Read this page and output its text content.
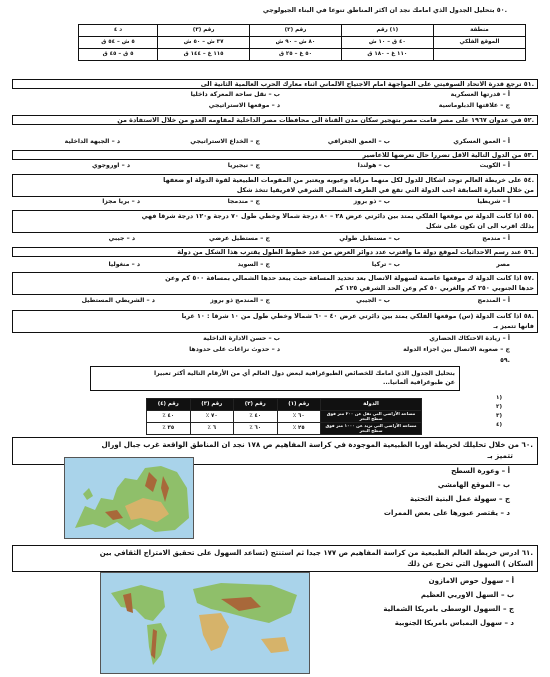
.٥٠ بتحليل الجدول الذي امامك نجد ان اكثر المناطق تنوعا في البناء الجيولوجي
منطقة	(١) رقم	رقم (٢)	رقم (٣)	د ٤
الموقع الفلكي	٤٠ ق – ١٠ ش	٨٠ ش – ٩٠ ش	٣٧ ش – ٥٠ ش	٥ ش – ٥٤ ق
	١١٠ غ – ١٨٠ ق	٥٠ غ – ٢٥ ق	١١٥ غ – ١٤٤ ق	٥ ق – ٤٥ ق
.٥١ ترجع قدرة الاتحاد السوفيتي على المواجهة امام الاجتياح الالماني اثناء معارك الحرب العالمية الثانية الى
أ – قدرتها العسكرية
ب – نقل ساحة المعركة داخليا
ج – علاقتها الدبلوماسية
د – موقعها الاستراتيجي
.٥٢ في عدوان ١٩٦٧ على مصر قامت مصر بتهجير سكان مدن القناة الى محافظات مصر الداخلية لمقاومه العدو من خلال الاستفادة من
أ – العمق العسكري
ب – العمق الجغرافي
ج – الخداع الاستراتيجي
د – الجبهة الداخلية
.٥٣ من الدول التالية الاقل تضررا حال تعرضها للاعاصير
أ – الكويت
ب – هولندا
ج – نيجيريا
د – اوروجوي
.٥٤ على خريطة العالم توجد اشكال للدول لكل منهما مزاياه وعيوبه ويعتبر من المقومات الطبيعية لقوة الدولة او ضعفها
من خلال العبارة السابقة اجب الدولة التي تقع في الطرف الشمالي الشرقي لافريقيا تتخذ شكل
أ – شريطيا
ب – ذو بروز
ج – مندمجا
د – بريا مجزا
.٥٥ اذا كانت الدولة س موقعها الفلكي يمتد بين دائرتي عرض ٢٨ – ٨٠ درجة شمالا وخطي طول ٧٠ درجة و١٢٠ درجة شرقا فهي
بذلك اقرب الى ان تكون على شكل
أ – مندمج
ب – مستطيل طولي
ج – مستطيل عرضي
د – جيبي
.٥٦ عند رسم الاحداثيات لموقع دولة ما واقترب عدد دوائر العرض من عدد خطوط الطول يقترب هذا الشكل من دولة
مصر
ب – تركيا
ج – السويد
د – منغوليا
.٥٧ اذا كانت الدولة ك موقعها عاصمة لسهولة الاتصال بعد تحديد المسافة حيث يبعد حدها الشمالي بمسافة ٥٠٠ كم وعن
حدها الجنوبي ٢٥٠ كم والغربي ٥٠ كم وعن الحد الشرقي ١٢٥ كم
أ – المندمج
ب – الجيبي
ج – المندمج ذو بروز
د – الشريطي المستطيل
.٥٨ اذا كانت الدولة (س) موقعها الفلكي يمتد بين دائرتي عرض ٤٠ – ٦٠ شمالا وخطي طول من ١٠ شرقا : ١٠ غربا
فانها تتميز بـ
أ – زيادة الاحتكاك الحضاري
ب – حسن الادارة الداخلية
ج – صعوبة الاتصال بين اجزاء الدولة
د – حدوث نزاعات على حدودها
.٥٩
بتحليل الجدول الذي امامك للخصائص الطبوغرافية لبعض دول العالم أي من الأرقام التالية أكثر تعبيرا
عن طبوغرافية ألمانيا...
الدولة	رقم (١)	رقم (٢)	رقم (٣)	رقم (٤)
مساحة الأراضي التي تقل عن ٢٠٠ متر فوق سطح البحر	٦٠ ٪	٤٠ ٪	٧٠ ٪	٤٠ ٪
مساحة الأراضي التي تزيد عن ١٠٠٠ متر فوق سطح البحر	٢٥ ٪	٦٠ ٪	٦ ٪	٣٥ ٪
(١
(٢
(٣
(٤
.٦٠ من خلال تحليلك لخريطة اوربا الطبيعية الموجودة في كراسة المفاهيم ص ١٧٨ نجد ان المناطق الواقعة غرب جبال اورال
تتميز بـ
أ – وعورة السطح
ب – الموقع الهامشي
ج – سهولة عمل البنية التحتية
د – يقتصر عبورها على بعض الممرات
.٦١ ادرس خريطة العالم الطبيعية من كراسة المفاهيم ص ١٧٧ جيدا ثم استنتج (تساعد السهول على تحقيق الامتزاج الثقافي بين
السكان ) السهول التي تخرج عن ذلك
أ – سهول حوض الامازون
ب – السهل الاوربي العظيم
ج – السهول الوسطى بامريكا الشمالية
د – سهول البمباس بامريكا الجنوبية
